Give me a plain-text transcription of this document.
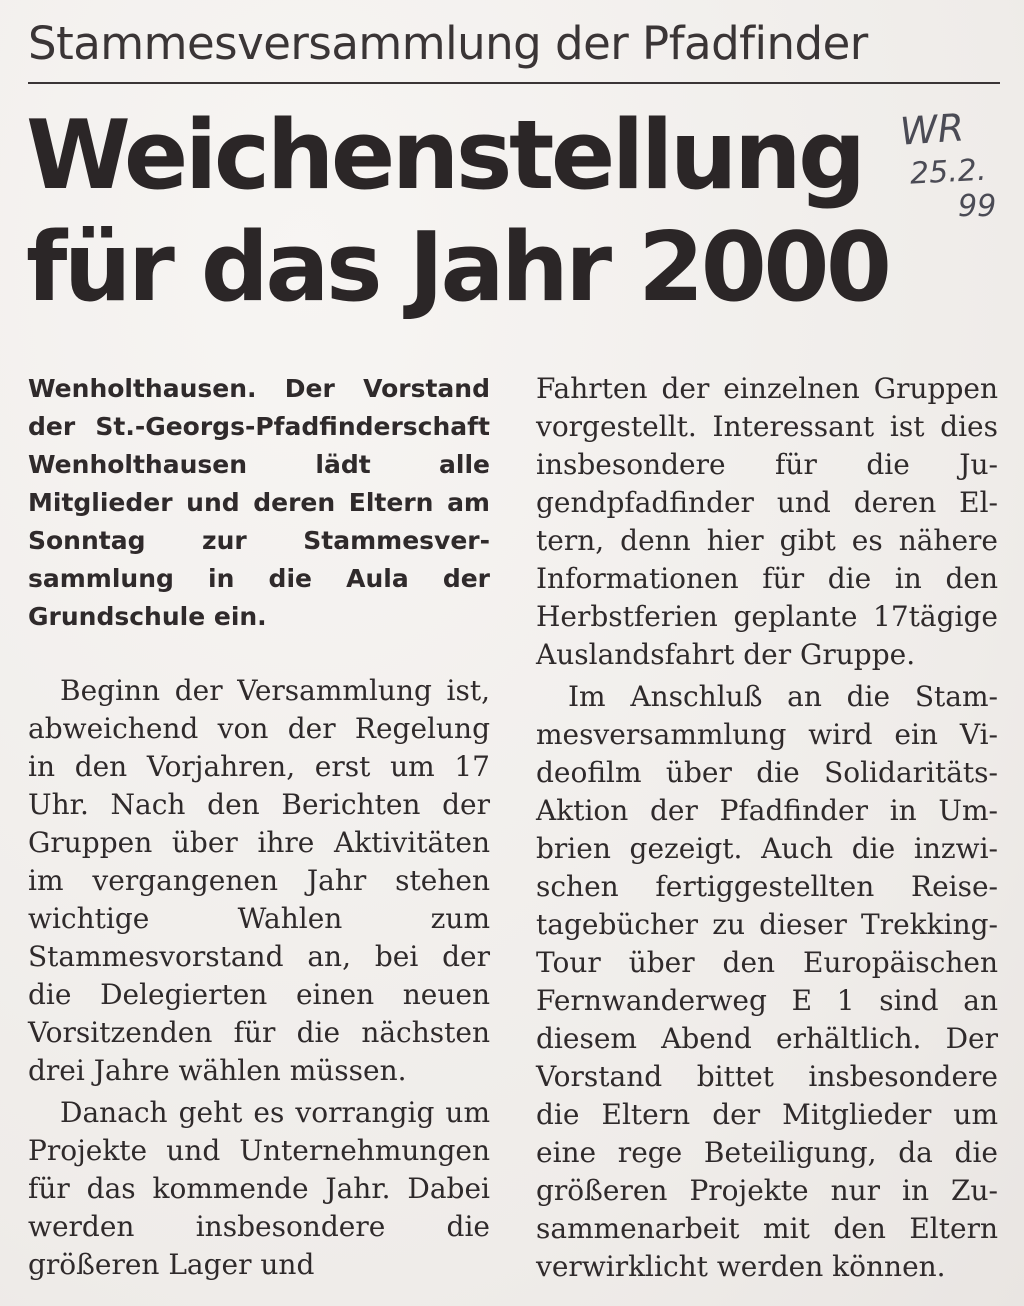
Stammesversammlung der Pfadfinder
Weichenstellung
für das Jahr 2000
WR
25.2.
99

Wenholthausen. Der Vorstand der St.-Georgs-Pfadfinderschaft Wenholthausen lädt alle Mitglieder und deren Eltern am Sonntag zur Stammesversammlung in die Aula der Grundschule ein.

Beginn der Versammlung ist, abweichend von der Regelung in den Vorjahren, erst um 17 Uhr. Nach den Berichten der Gruppen über ihre Aktivitäten im vergangenen Jahr stehen wichtige Wahlen zum Stammesvorstand an, bei der die Delegierten einen neuen Vorsitzenden für die nächsten drei Jahre wählen müssen.

Danach geht es vorrangig um Projekte und Unternehmungen für das kommende Jahr. Dabei werden insbesondere die größeren Lager und

Fahrten der einzelnen Gruppen vorgestellt. Interessant ist dies insbesondere für die Jugendpfadfinder und deren Eltern, denn hier gibt es nähere Informationen für die in den Herbstferien geplante 17tägige Auslandsfahrt der Gruppe.

Im Anschluß an die Stammesversammlung wird ein Videofilm über die Solidaritäts-Aktion der Pfadfinder in Umbrien gezeigt. Auch die inzwischen fertiggestellten Reisetagebücher zu dieser Trekking-Tour über den Europäischen Fernwanderweg E 1 sind an diesem Abend erhältlich. Der Vorstand bittet insbesondere die Eltern der Mitglieder um eine rege Beteiligung, da die größeren Projekte nur in Zusammenarbeit mit den Eltern verwirklicht werden können.
